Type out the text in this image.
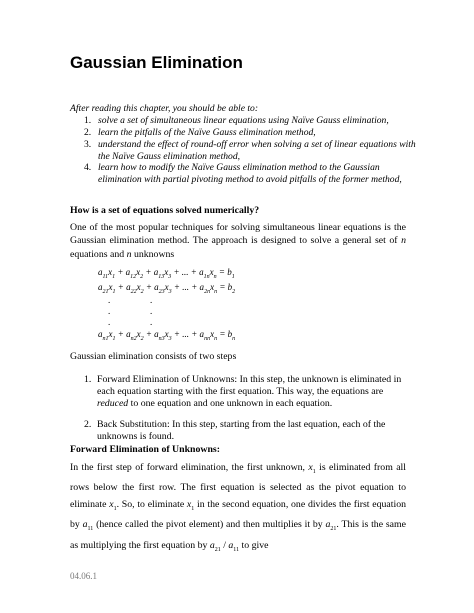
Gaussian Elimination
After reading this chapter, you should be able to:
1. solve a set of simultaneous linear equations using Naïve Gauss elimination,
2. learn the pitfalls of the Naïve Gauss elimination method,
3. understand the effect of round-off error when solving a set of linear equations with the Naïve Gauss elimination method,
4. learn how to modify the Naïve Gauss elimination method to the Gaussian elimination with partial pivoting method to avoid pitfalls of the former method,
How is a set of equations solved numerically?
One of the most popular techniques for solving simultaneous linear equations is the Gaussian elimination method. The approach is designed to solve a general set of n equations and n unknowns
$a_{11}x_1 + a_{12}x_2 + a_{13}x_3$ + ... + $a_{1n}x_n = b_1$
$a_{21}x_1 + a_{22}x_2 + a_{23}x_3$ + ... + $a_{2n}x_n = b_2$
.	.
.	.
.	.
$a_{n1}x_1 + a_{n2}x_2 + a_{n3}x_3$ + ... + $a_{nn}x_n = b_n$
Gaussian elimination consists of two steps
1. Forward Elimination of Unknowns: In this step, the unknown is eliminated in each equation starting with the first equation. This way, the equations are reduced to one equation and one unknown in each equation.
2. Back Substitution: In this step, starting from the last equation, each of the unknowns is found.
Forward Elimination of Unknowns:
In the first step of forward elimination, the first unknown, $x_1$ is eliminated from all rows below the first row. The first equation is selected as the pivot equation to eliminate $x_1$. So, to eliminate $x_1$ in the second equation, one divides the first equation by $a_{11}$ (hence called the pivot element) and then multiplies it by $a_{21}$. This is the same as multiplying the first equation by $a_{21} / a_{11}$ to give
04.06.1
